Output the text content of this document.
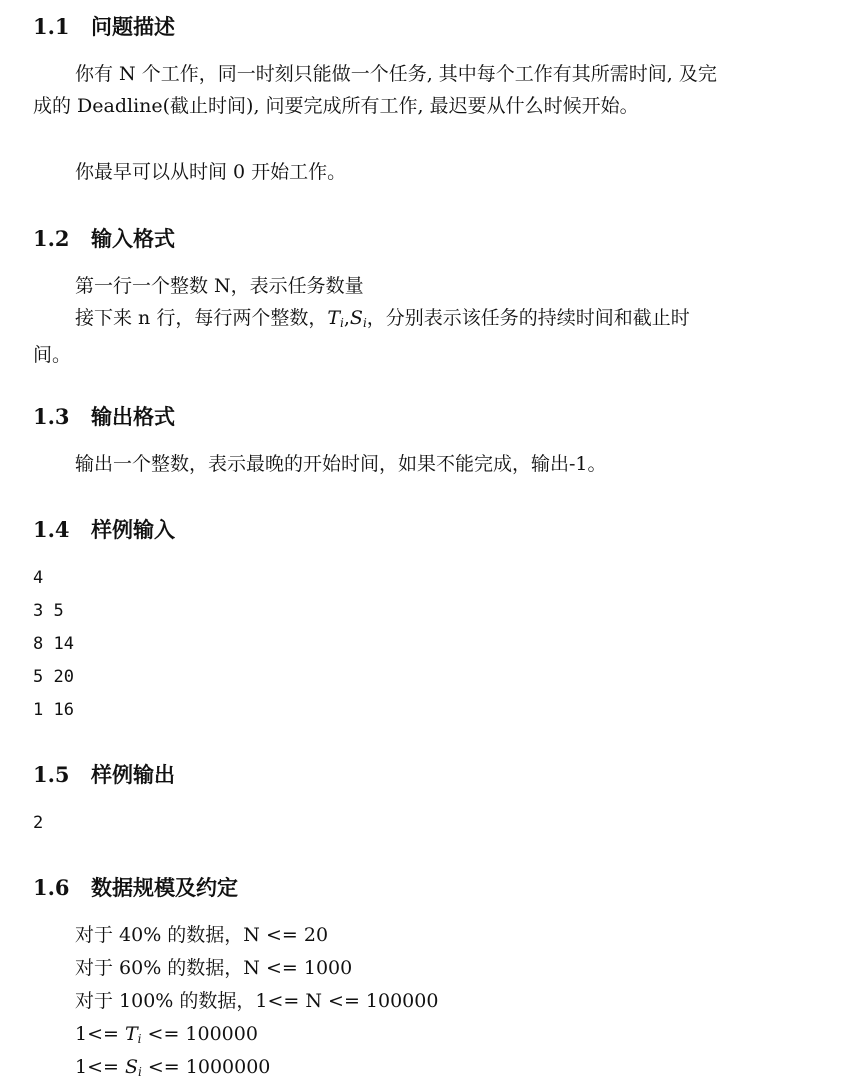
1.1 问题描述

你有 N 个工作，同一时刻只能做一个任务, 其中每个工作有其所需时间, 及完成的 Deadline(截止时间), 问要完成所有工作, 最迟要从什么时候开始。

你最早可以从时间 0 开始工作。

1.2 输入格式

第一行一个整数 N，表示任务数量

接下来 n 行，每行两个整数，$T_i,S_i$，分别表示该任务的持续时间和截止时间。

1.3 输出格式

输出一个整数，表示最晚的开始时间，如果不能完成，输出-1。

1.4 样例输入
4
3 5
8 14
5 20
1 16
1.5 样例输出
2
1.6 数据规模及约定

对于 40% 的数据，N <= 20

对于 60% 的数据，N <= 1000

对于 100% 的数据，1<= N <= 100000

$1<= T_i <= 100000$

$1<= S_i <= 1000000$
